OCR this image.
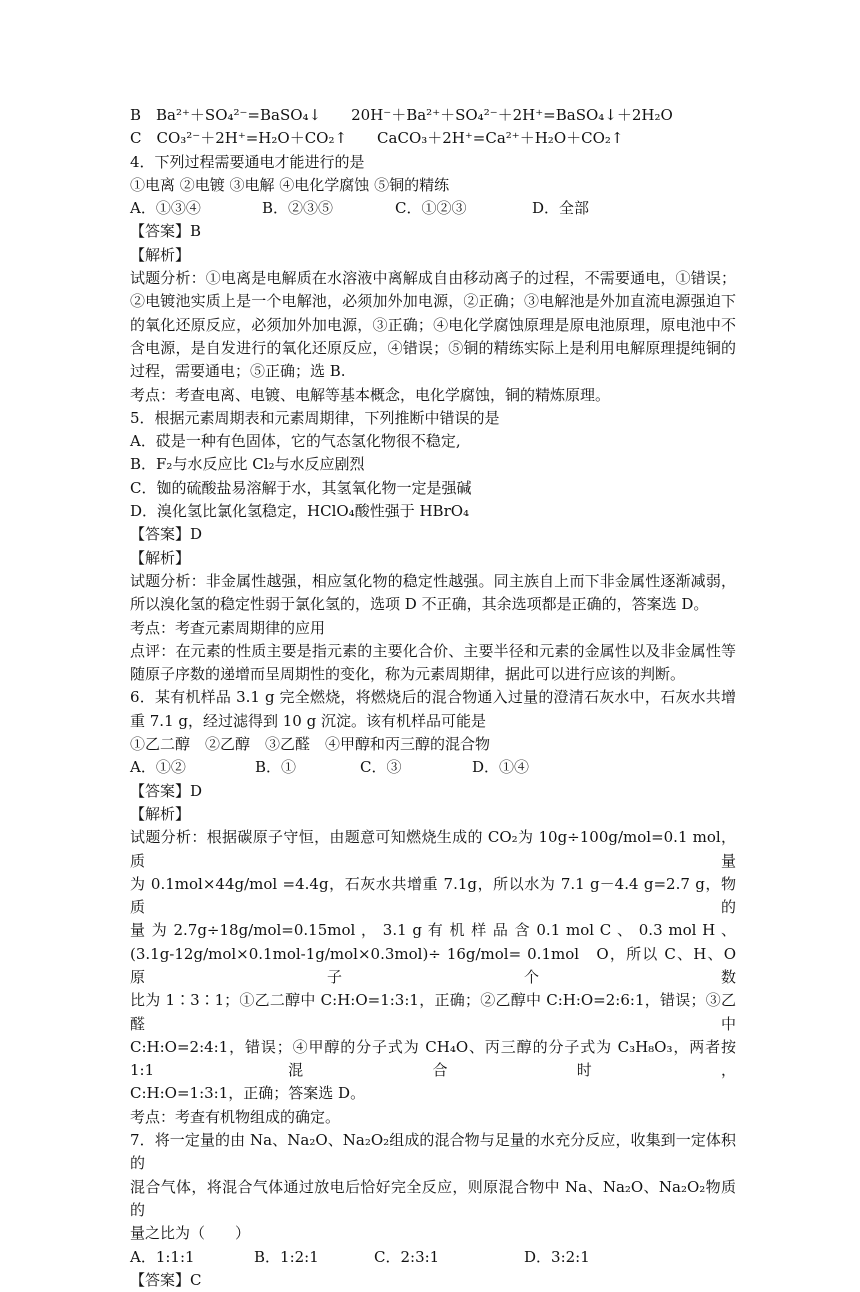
B　Ba²⁺＋SO₄²⁻=BaSO₄↓　　20H⁻＋Ba²⁺＋SO₄²⁻＋2H⁺=BaSO₄↓＋2H₂O
C　CO₃²⁻＋2H⁺=H₂O＋CO₂↑　　CaCO₃＋2H⁺=Ca²⁺＋H₂O＋CO₂↑
4．下列过程需要通电才能进行的是
①电离 ②电镀 ③电解 ④电化学腐蚀 ⑤铜的精练
A．①③④	B．②③⑤	C．①②③	D．全部
【答案】B
【解析】
试题分析：①电离是电解质在水溶液中离解成自由移动离子的过程，不需要通电，①错误；
②电镀池实质上是一个电解池，必须加外加电源，②正确；③电解池是外加直流电源强迫下
的氧化还原反应，必须加外加电源，③正确；④电化学腐蚀原理是原电池原理，原电池中不
含电源，是自发进行的氧化还原反应，④错误；⑤铜的精练实际上是利用电解原理提纯铜的
过程，需要通电；⑤正确；选 B.
考点：考查电离、电镀、电解等基本概念，电化学腐蚀，铜的精炼原理。
5．根据元素周期表和元素周期律，下列推断中错误的是
A．砹是一种有色固体，它的气态氢化物很不稳定,
B．F₂与水反应比 Cl₂与水反应剧烈
C．铷的硫酸盐易溶解于水，其氢氧化物一定是强碱
D．溴化氢比氯化氢稳定，HClO₄酸性强于 HBrO₄
【答案】D
【解析】
试题分析：非金属性越强，相应氢化物的稳定性越强。同主族自上而下非金属性逐渐减弱，
所以溴化氢的稳定性弱于氯化氢的，选项 D 不正确，其余选项都是正确的，答案选 D。
考点：考查元素周期律的应用
点评：在元素的性质主要是指元素的主要化合价、主要半径和元素的金属性以及非金属性等
随原子序数的递增而呈周期性的变化，称为元素周期律，据此可以进行应该的判断。
6．某有机样品 3.1 g 完全燃烧，将燃烧后的混合物通入过量的澄清石灰水中，石灰水共增
重 7.1 g，经过滤得到 10 g 沉淀。该有机样品可能是
①乙二醇　②乙醇　③乙醛　④甲醇和丙三醇的混合物
A．①②	B．①	C．③	D．①④
【答案】D
【解析】
试题分析：根据碳原子守恒，由题意可知燃烧生成的 CO₂为 10g÷100g/mol=0.1 mol，质量
为 0.1mol×44g/mol =4.4g，石灰水共增重 7.1g，所以水为 7.1 g－4.4 g=2.7 g，物质的
量 为 2.7g÷18g/mol=0.15mol ， 3.1 g 有 机 样 品 含 0.1 mol C 、 0.3 mol H 、
(3.1g-12g/mol×0.1mol-1g/mol×0.3mol)÷ 16g/mol= 0.1mol　O，所以 C、H、O 原子个数
比为 1∶3∶1；①乙二醇中 C:H:O=1:3:1，正确；②乙醇中 C:H:O=2:6:1，错误；③乙醛中
C:H:O=2:4:1，错误；④甲醇的分子式为 CH₄O、丙三醇的分子式为 C₃H₈O₃，两者按 1:1 混合时，
C:H:O=1:3:1，正确；答案选 D。
考点：考查有机物组成的确定。
7．将一定量的由 Na、Na₂O、Na₂O₂组成的混合物与足量的水充分反应，收集到一定体积的
混合气体，将混合气体通过放电后恰好完全反应，则原混合物中 Na、Na₂O、Na₂O₂物质的
量之比为（　　）
A．1:1:1	B．1:2:1	C．2:3:1	D．3:2:1
【答案】C
